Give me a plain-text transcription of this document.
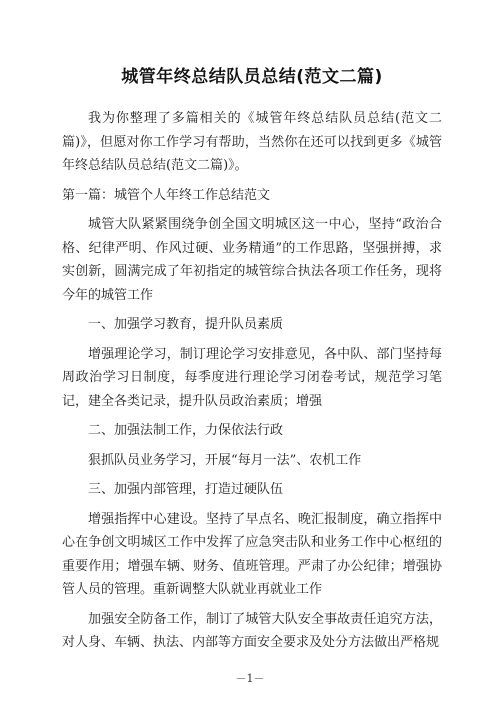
城管年终总结队员总结(范文二篇)

我为你整理了多篇相关的《城管年终总结队员总结(范文二篇)》，但愿对你工作学习有帮助，当然你在还可以找到更多《城管年终总结队员总结(范文二篇)》。

第一篇：城管个人年终工作总结范文

城管大队紧紧围绕争创全国文明城区这一中心，坚持“政治合格、纪律严明、作风过硬、业务精通”的工作思路，坚强拼搏，求实创新，圆满完成了年初指定的城管综合执法各项工作任务，现将今年的城管工作

一、加强学习教育，提升队员素质

增强理论学习，制订理论学习安排意见，各中队、部门坚持每周政治学习日制度，每季度进行理论学习闭卷考试，规范学习笔记，建全各类记录，提升队员政治素质；增强

二、加强法制工作，力保依法行政

狠抓队员业务学习，开展“每月一法”、农机工作

三、加强内部管理，打造过硬队伍

增强指挥中心建设。坚持了早点名、晚汇报制度，确立指挥中心在争创文明城区工作中发挥了应急突击队和业务工作中心枢纽的重要作用；增强车辆、财务、值班管理。严肃了办公纪律；增强协管人员的管理。重新调整大队就业再就业工作

加强安全防备工作，制订了城管大队安全事故责任追究方法，对人身、车辆、执法、内部等方面安全要求及处分方法做出严格规

－1－
